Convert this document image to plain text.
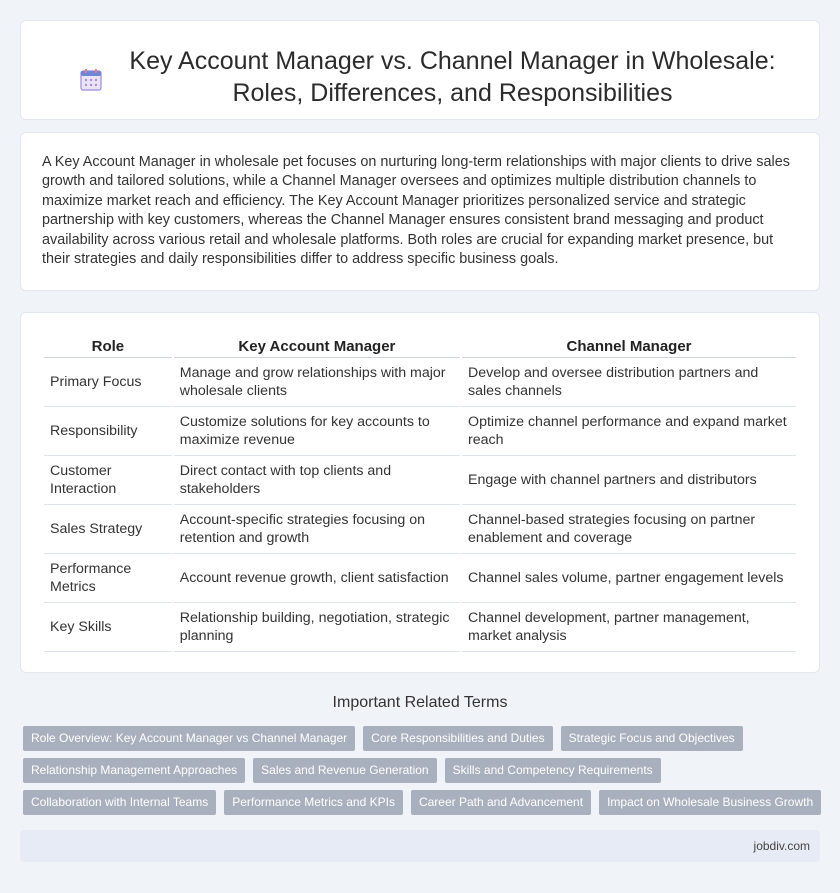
Key Account Manager vs. Channel Manager in Wholesale: Roles, Differences, and Responsibilities

A Key Account Manager in wholesale pet focuses on nurturing long-term relationships with major clients to drive sales growth and tailored solutions, while a Channel Manager oversees and optimizes multiple distribution channels to maximize market reach and efficiency. The Key Account Manager prioritizes personalized service and strategic partnership with key customers, whereas the Channel Manager ensures consistent brand messaging and product availability across various retail and wholesale platforms. Both roles are crucial for expanding market presence, but their strategies and daily responsibilities differ to address specific business goals.

Role	Key Account Manager	Channel Manager
Primary Focus	Manage and grow relationships with major wholesale clients	Develop and oversee distribution partners and sales channels
Responsibility	Customize solutions for key accounts to maximize revenue	Optimize channel performance and expand market reach
Customer Interaction	Direct contact with top clients and stakeholders	Engage with channel partners and distributors
Sales Strategy	Account-specific strategies focusing on retention and growth	Channel-based strategies focusing on partner enablement and coverage
Performance Metrics	Account revenue growth, client satisfaction	Channel sales volume, partner engagement levels
Key Skills	Relationship building, negotiation, strategic planning	Channel development, partner management, market analysis
Important Related Terms
Role Overview: Key Account Manager vs Channel Manager	Core Responsibilities and Duties	Strategic Focus and Objectives
Relationship Management Approaches	Sales and Revenue Generation	Skills and Competency Requirements
Collaboration with Internal Teams	Performance Metrics and KPIs	Career Path and Advancement	Impact on Wholesale Business Growth
jobdiv.com
